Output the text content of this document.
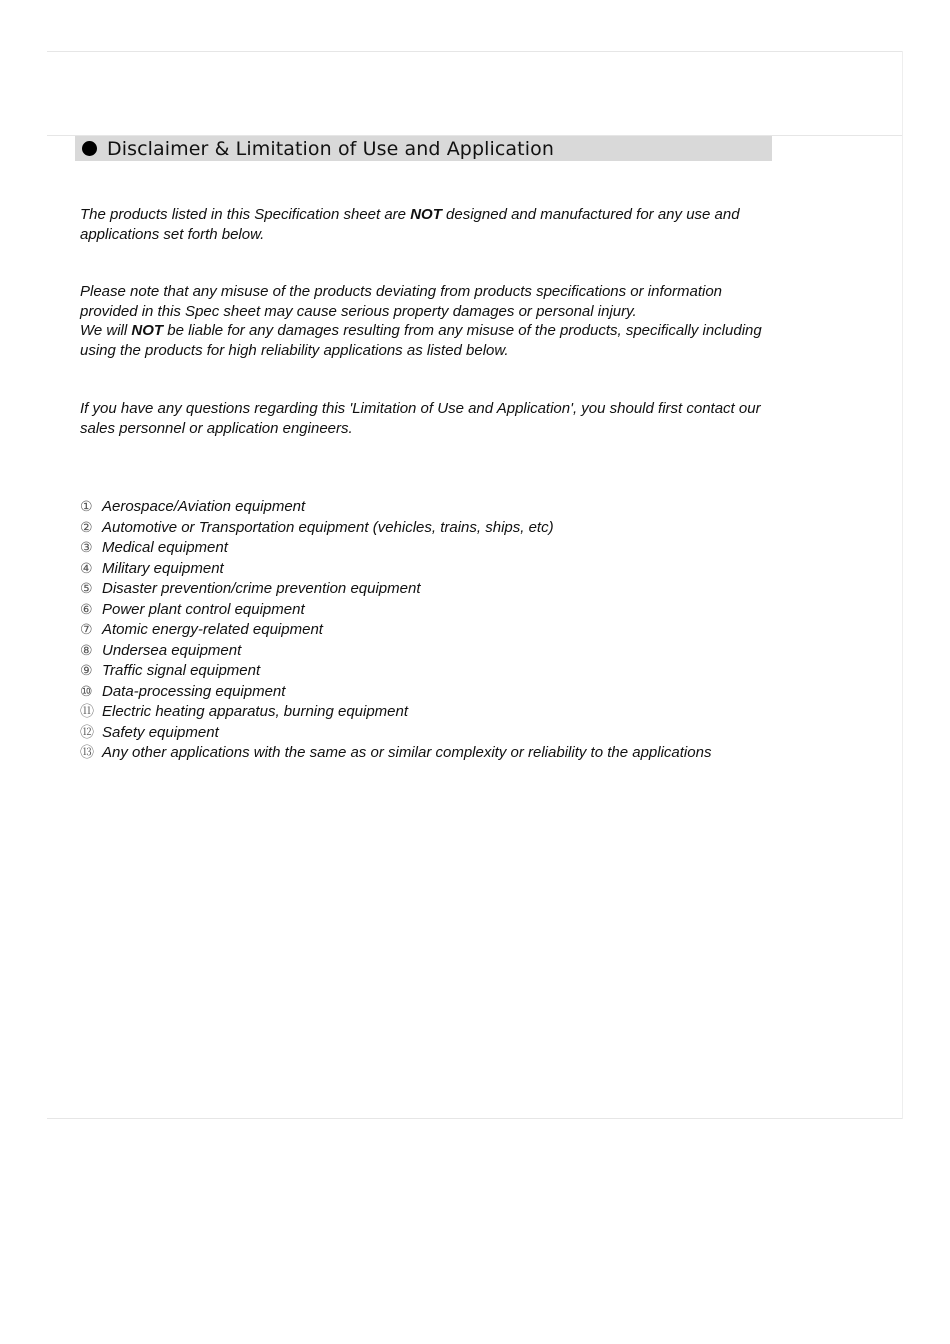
Disclaimer & Limitation of Use and Application
The products listed in this Specification sheet are NOT designed and manufactured for any use and applications set forth below.
Please note that any misuse of the products deviating from products specifications or information provided in this Spec sheet may cause serious property damages or personal injury.
We will NOT be liable for any damages resulting from any misuse of the products, specifically including using the products for high reliability applications as listed below.
If you have any questions regarding this 'Limitation of Use and Application', you should first contact our sales personnel or application engineers.
① Aerospace/Aviation equipment
② Automotive or Transportation equipment (vehicles, trains, ships, etc)
③ Medical equipment
④ Military equipment
⑤ Disaster prevention/crime prevention equipment
⑥ Power plant control equipment
⑦ Atomic energy-related equipment
⑧ Undersea equipment
⑨ Traffic signal equipment
⑩ Data-processing equipment
⑪ Electric heating apparatus, burning equipment
⑫ Safety equipment
⑬ Any other applications with the same as or similar complexity or reliability to the applications
